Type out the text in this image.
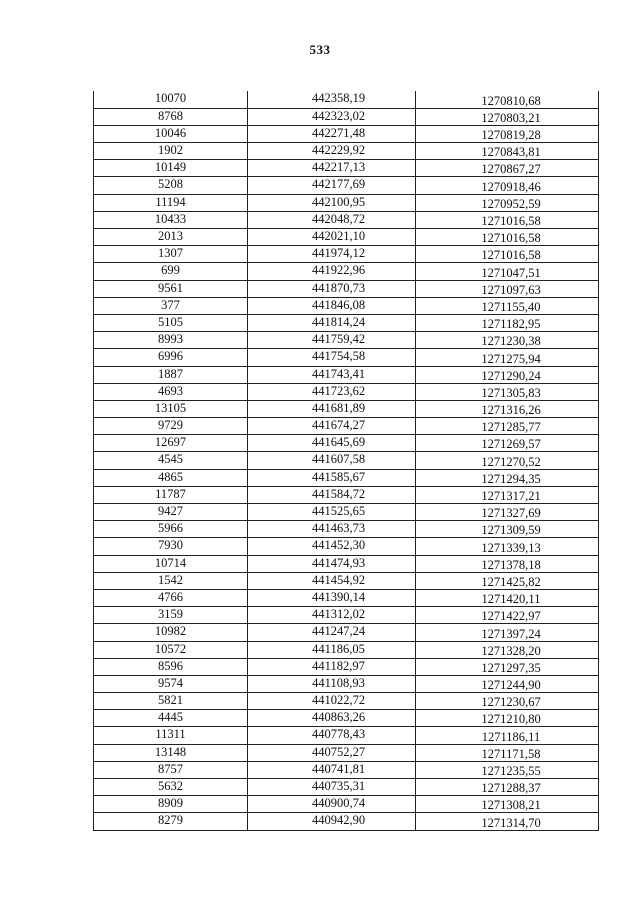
533
10070	442358,19	1270810,68
8768	442323,02	1270803,21
10046	442271,48	1270819,28
1902	442229,92	1270843,81
10149	442217,13	1270867,27
5208	442177,69	1270918,46
11194	442100,95	1270952,59
10433	442048,72	1271016,58
2013	442021,10	1271016,58
1307	441974,12	1271016,58
699	441922,96	1271047,51
9561	441870,73	1271097,63
377	441846,08	1271155,40
5105	441814,24	1271182,95
8993	441759,42	1271230,38
6996	441754,58	1271275,94
1887	441743,41	1271290,24
4693	441723,62	1271305,83
13105	441681,89	1271316,26
9729	441674,27	1271285,77
12697	441645,69	1271269,57
4545	441607,58	1271270,52
4865	441585,67	1271294,35
11787	441584,72	1271317,21
9427	441525,65	1271327,69
5966	441463,73	1271309,59
7930	441452,30	1271339,13
10714	441474,93	1271378,18
1542	441454,92	1271425,82
4766	441390,14	1271420,11
3159	441312,02	1271422,97
10982	441247,24	1271397,24
10572	441186,05	1271328,20
8596	441182,97	1271297,35
9574	441108,93	1271244,90
5821	441022,72	1271230,67
4445	440863,26	1271210,80
11311	440778,43	1271186,11
13148	440752,27	1271171,58
8757	440741,81	1271235,55
5632	440735,31	1271288,37
8909	440900,74	1271308,21
8279	440942,90	1271314,70
